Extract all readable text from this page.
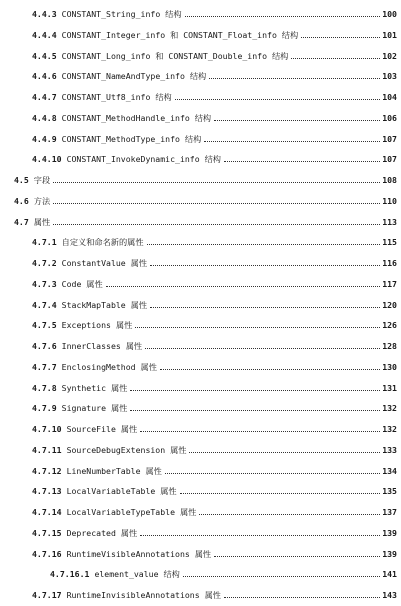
4.4.3 CONSTANT_String_info 结构	100
4.4.4 CONSTANT_Integer_info 和 CONSTANT_Float_info 结构	101
4.4.5 CONSTANT_Long_info 和 CONSTANT_Double_info 结构	102
4.4.6 CONSTANT_NameAndType_info 结构	103
4.4.7 CONSTANT_Utf8_info 结构	104
4.4.8 CONSTANT_MethodHandle_info 结构	106
4.4.9 CONSTANT_MethodType_info 结构	107
4.4.10 CONSTANT_InvokeDynamic_info 结构	107
4.5 字段	108
4.6 方法	110
4.7 属性	113
4.7.1 自定义和命名新的属性	115
4.7.2 ConstantValue 属性	116
4.7.3 Code 属性	117
4.7.4 StackMapTable 属性	120
4.7.5 Exceptions 属性	126
4.7.6 InnerClasses 属性	128
4.7.7 EnclosingMethod 属性	130
4.7.8 Synthetic 属性	131
4.7.9 Signature 属性	132
4.7.10 SourceFile 属性	132
4.7.11 SourceDebugExtension 属性	133
4.7.12 LineNumberTable 属性	134
4.7.13 LocalVariableTable 属性	135
4.7.14 LocalVariableTypeTable 属性	137
4.7.15 Deprecated 属性	139
4.7.16 RuntimeVisibleAnnotations 属性	139
4.7.16.1 element_value 结构	141
4.7.17 RuntimeInvisibleAnnotations 属性	143
